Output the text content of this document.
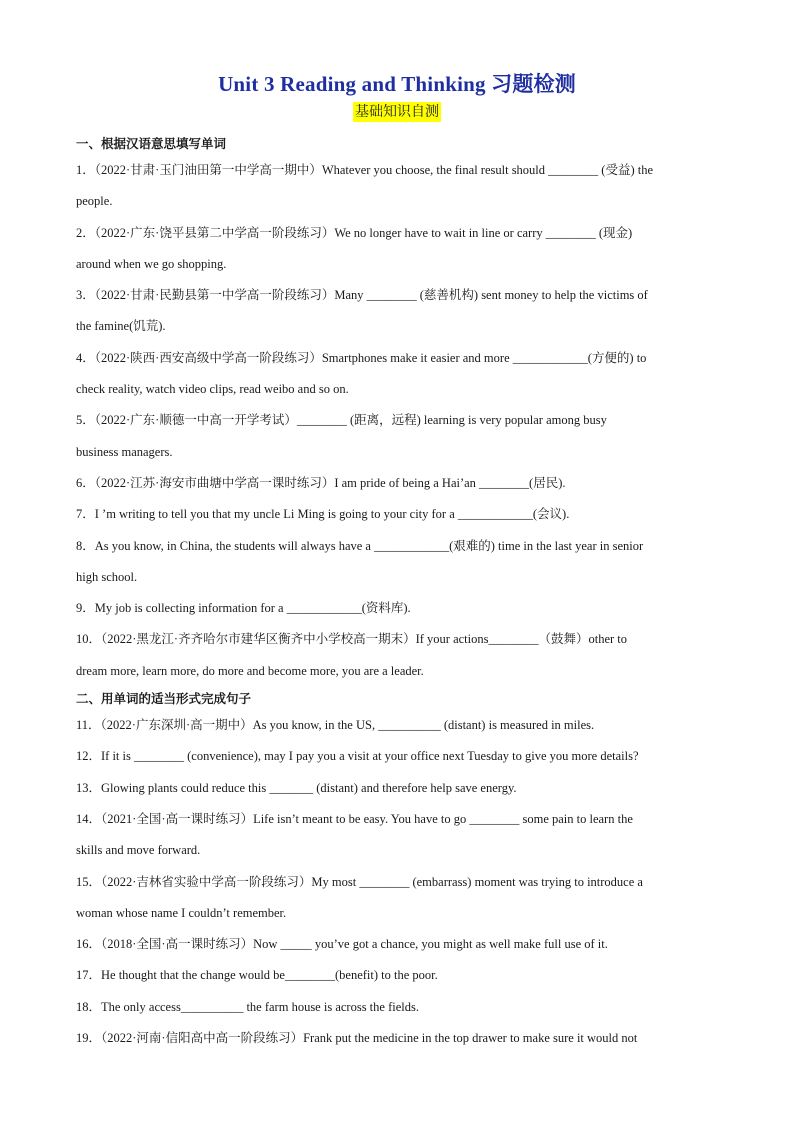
Unit 3 Reading and Thinking 习题检测
基础知识自测
一、根据汉语意思填写单词

1．（2022·甘肃·玉门油田第一中学高一期中）Whatever you choose, the final result should ________ (受益) the

people.

2．（2022·广东·饶平县第二中学高一阶段练习）We no longer have to wait in line or carry ________ (现金)

around when we go shopping.

3．（2022·甘肃·民勤县第一中学高一阶段练习）Many ________ (慈善机构) sent money to help the victims of

the famine(饥荒).

4．（2022·陕西·西安高级中学高一阶段练习）Smartphones make it easier and more ____________(方便的) to

check reality, watch video clips, read weibo and so on.

5．（2022·广东·顺德一中高一开学考试）________ (距离，远程) learning is very popular among busy

business managers.

6．（2022·江苏·海安市曲塘中学高一课时练习）I am pride of being a Hai’an ________(居民).

7．I ’m writing to tell you that my uncle Li Ming is going to your city for a ____________(会议).

8．As you know, in China, the students will always have a ____________(艰难的) time in the last year in senior

high school.

9．My job is collecting information for a ____________(资料库).

10．（2022·黑龙江·齐齐哈尔市建华区衡齐中小学校高一期末）If your actions________（鼓舞）other to

dream more, learn more, do more and become more, you are a leader.

二、用单词的适当形式完成句子

11．（2022·广东深圳·高一期中）As you know, in the US, __________ (distant) is measured in miles.

12．If it is ________ (convenience), may I pay you a visit at your office next Tuesday to give you more details?

13．Glowing plants could reduce this _______ (distant) and therefore help save energy.

14．（2021·全国·高一课时练习）Life isn’t meant to be easy. You have to go ________ some pain to learn the

skills and move forward.

15．（2022·吉林省实验中学高一阶段练习）My most ________ (embarrass) moment was trying to introduce a

woman whose name I couldn’t remember.

16．（2018·全国·高一课时练习）Now _____ you’ve got a chance, you might as well make full use of it.

17．He thought that the change would be________(benefit) to the poor.

18．The only access__________ the farm house is across the fields.

19．（2022·河南·信阳高中高一阶段练习）Frank put the medicine in the top drawer to make sure it would not
